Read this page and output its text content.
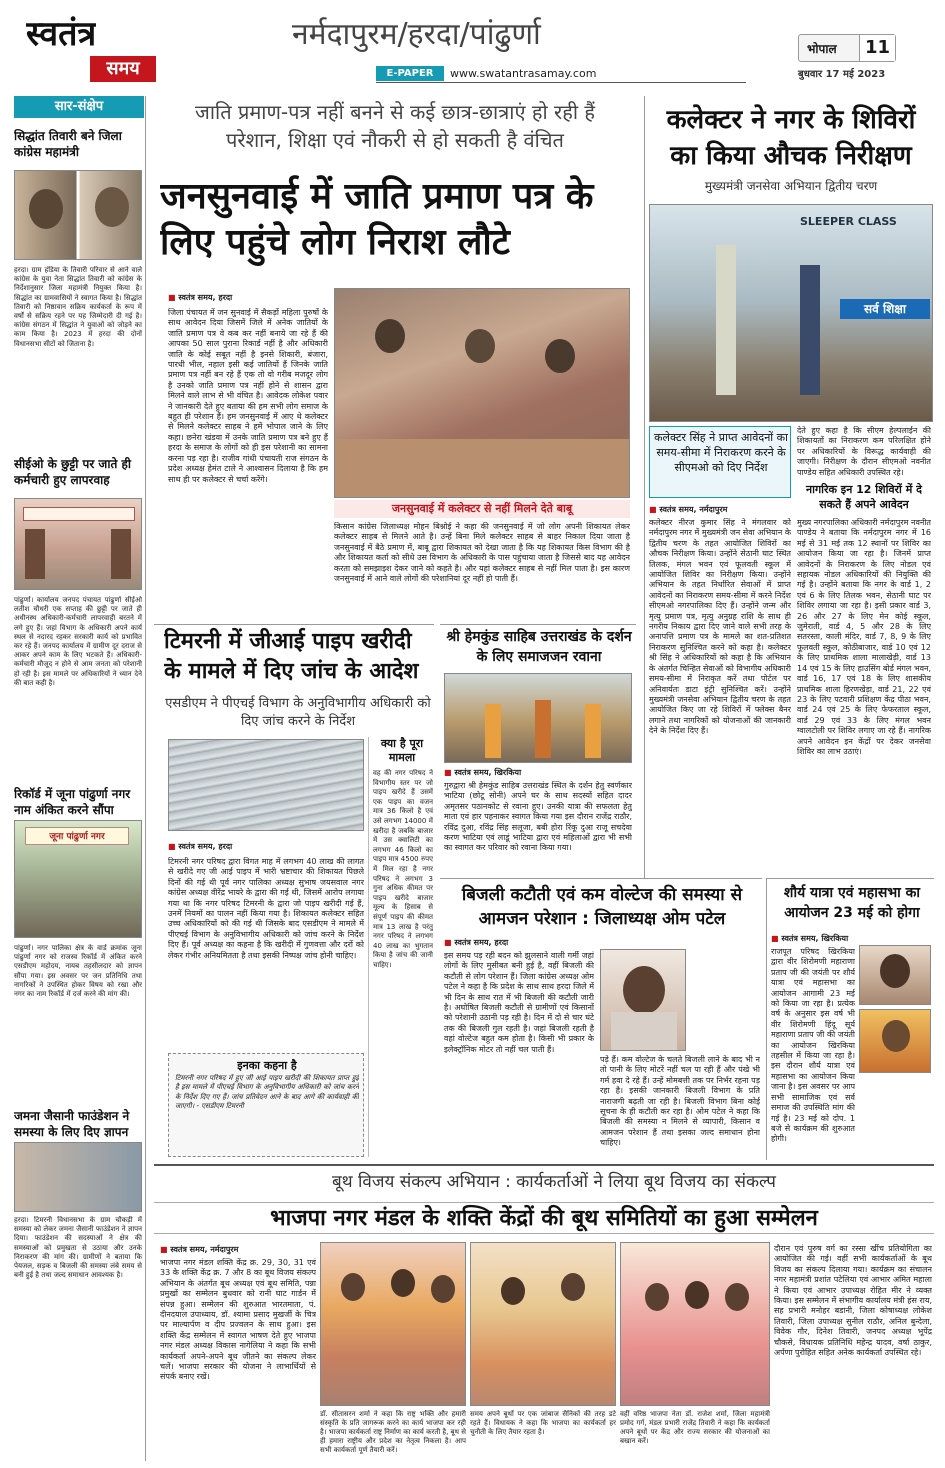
स्वतंत्र
समय
नर्मदापुरम/हरदा/पांढुर्णा
E-PAPER	www.swatantrasamay.com
भोपाल	11
बुधवार 17 मई 2023
सार-संक्षेप
सिद्धांत तिवारी बने जिला कांग्रेस महामंत्री
हरदा। ग्राम हंडिया के तिवारी परिवार से आने वाले कांग्रेस के युवा नेता सिद्धांत तिवारी को कांग्रेस के निर्देशानुसार जिला महामंत्री नियुक्त किया है। सिद्धांत का ग्रामवासियों ने स्वागत किया है। सिद्धांत तिवारी को निष्ठावान सक्रिय कार्यकर्ता के रूप में वर्षों से सक्रिय रहने पर यह जिम्मेदारी दी गई है। कांग्रेस संगठन में सिद्धांत ने युवाओं को जोड़ने का काम किया है। 2023 में हरदा की दोनों विधानसभा सीटों को जिताना है।
सीईओ के छुट्टी पर जाते ही कर्मचारी हुए लापरवाह
पांढुर्णा। कार्यालय जनपद पंचायत पांढुर्णा सीईओ लतीश चौधरी एक सप्ताह की छुट्टी पर जाते ही अधीनस्थ अधिकारी-कर्मचारी लापरवाही बरतने में लगे हुए हैं। जहां विभाग के अधिकारी अपने कार्य स्थल से नदारद रहकर सरकारी कार्य को प्रभावित कर रहे हैं। जनपद कार्यालय में ग्रामीण दूर दराज से आकर अपने काम के लिए भटकते हैं। अधिकारी-कर्मचारी मौजूद न होने से आम जनता को परेशानी हो रही है। इस मामले पर अधिकारियों ने ध्यान देने की बात कही है।
रिकॉर्ड में जूना पांढुर्णा नगर नाम अंकित करने सौंपा
जूना पांढुर्णा नगर
पांढुर्णा। नगर पालिका क्षेत्र के वार्ड क्रमांक जूना पांढुर्णा नगर को राजस्व रिकॉर्ड में अंकित करने एसडीएम महोदय, नायब तहसीलदार को ज्ञापन सौंपा गया। इस अवसर पर जन प्रतिनिधि तथा नागरिकों ने उपस्थित होकर विषय को रखा और नगर का नाम रिकॉर्ड में दर्ज करने की मांग की।
जमना जैसानी फाउंडेशन ने समस्या के लिए दिए ज्ञापन
हरदा। टिमरनी विधानसभा के ग्राम चौकड़ी में समस्या को लेकर जमना जैसानी फाउंडेशन ने ज्ञापन दिया। फाउंडेशन की सदस्याओं ने क्षेत्र की समस्याओं को प्रमुखता से उठाया और उनके निराकरण की मांग की। ग्रामीणों ने बताया कि पेयजल, सड़क व बिजली की समस्या लंबे समय से बनी हुई है तथा जल्द समाधान आवश्यक है।
जाति प्रमाण-पत्र नहीं बनने से कई छात्र-छात्राएं हो रही हैं परेशान, शिक्षा एवं नौकरी से हो सकती है वंचित
जनसुनवाई में जाति प्रमाण पत्र के लिए पहुंचे लोग निराश लौटे
■ स्वतंत्र समय, हरदा
जिला पंचायत में जन सुनवाई में सैकड़ों महिला पुरुषों के साथ आवेदन दिया जिसमें जिले में अनेक जातियों के जाति प्रमाण पत्र वे कब कर नहीं बनाये जा रहे हैं की आपका 50 साल पुराना रिकार्ड नहीं है और अधिकारी जाति के कोई सबूत नहीं है इनसे शिकारी, बंजारा, पारधी भील, नहाल इसी कई जातियों हैं जिनके जाति प्रमाण पत्र नहीं बन रहे हैं एक तो वो गरीब मजदूर लोग है उनको जाति प्रमाण पत्र नहीं होने से शासन द्वारा मिलने वाले लाभ से भी वंचित है। आवेदक लोकेश पवार ने जानकारी देते हुए बताया की हम सभी लोग समाज के बहुत ही परेशान हैं। हम जनसुनवाई में आए थे कलेक्टर से मिलने कलेक्टर साहब ने हमें भोपाल जाने के लिए कहा। छनेरा खंडवा में उनके जाति प्रमाण पत्र बने हुए हैं हरदा के समाज के लोगों को ही इस परेशानी का सामना करना पड़ रहा है। राजीव गांधी पंचायती राज संगठन के प्रदेश अध्यक्ष हेमंत टाले ने आश्वासन दिलाया है कि हम साथ ही पर कलेक्टर से चर्चा करेंगे।
जनसुनवाई में कलेक्टर से नहीं मिलने देते बाबू
किसान कांग्रेस जिलाध्यक्ष मोहन बिश्नोई ने कहा की जनसुनवाई में जो लोग अपनी शिकायत लेकर कलेक्टर साहब से मिलने आते है। उन्हें बिना मिले कलेक्टर साहब से बाहर निकाल दिया जाता है जनसुनवाई में बैठे प्रमाण में, बाबू द्वारा शिकायत को देखा जाता है कि यह शिकायत किस विभाग की है और शिकायत कर्ता को सीधे उस विभाग के अधिकारी के पास पहुंचाया जाता है जिससे बाद यह आवेदन करता को समझाइश देकर जाने को कहते है। और यहां कलेक्टर साहब से नहीं मिल पाता है। इस कारण जनसुनवाई में आने वाले लोगों की परेशानियां दूर नहीं हो पाती हैं।
कलेक्टर ने नगर के शिविरों का किया औचक निरीक्षण
मुख्यमंत्री जनसेवा अभियान द्वितीय चरण
SLEEPER CLASS
सर्व शिक्षा
कलेक्टर सिंह ने प्राप्त आवेदनों का समय-सीमा में निराकरण करने के सीएमओ को दिए निर्देश
देते हुए कहा है कि सीएम हेल्पलाईन की शिकायतों का निराकरण कम परिलक्षित होने पर अधिकारियों के विरूद्ध कार्यवाही की जाएगी। निरीक्षण के दौरान सीएमओ नवनीत पाण्डेय सहित अधिकारी उपस्थित रहे।
नागरिक इन 12 शिविरों में दे सकते हैं अपने आवेदन
■ स्वतंत्र समय, नर्मदापुरम
कलेक्टर नीरज कुमार सिंह ने मंगलवार को नर्मदापुरम नगर में मुख्यमंत्री जन सेवा अभियान के द्वितीय चरण के तहत आयोजित शिविरों का औचक निरीक्षण किया। उन्होंने सेठानी घाट स्थित तिलक, मंगल भवन एवं फूलवती स्कूल में आयोजित शिविर का निरीक्षण किया। उन्होंने अभियान के तहत निर्धारित सेवाओं में प्राप्त आवेदनों का निराकरण समय-सीमा में करने निर्देश सीएमओ नगरपालिका दिए हैं। उन्होंने जन्म और मृत्यु प्रमाण पत्र, मृत्यु अनुग्रह राशि के साथ ही नगरीय निकाय द्वारा दिए जाने वाले सभी तरह के अनापत्ति प्रमाण पत्र के मामले का शत-प्रतिशत निराकरण सुनिश्चित करने को कहा है। कलेक्टर श्री सिंह ने अधिकारियों को कहा है कि अभियान के अंतर्गत चिन्हित सेवाओं को विभागीय अधिकारी समय-सीमा में निराकृत करें तथा पोर्टल पर अनिवार्यतः डाटा इंट्री सुनिश्चित करें। उन्होंने मुख्यमंत्री जनसेवा अभियान द्वितीय चरण के तहत आयोजित किए जा रहे शिविरों में फ्लेक्स बैनर लगाने तथा नागरिकों को योजनाओं की जानकारी देने के निर्देश दिए हैं।
मुख्य नगरपालिका अधिकारी नर्मदापुरम नवनीत पाण्डेय ने बताया कि नर्मदापुरम नगर में 16 मई से 31 मई तक 12 स्थानों पर शिविर का आयोजन किया जा रहा है। जिनमें प्राप्त आवेदनों के निराकरण के लिए नोडल एवं सहायक नोडल अधिकारियों की नियुक्ति की गई है। उन्होंने बताया कि नगर के वार्ड 1, 2 एवं 6 के लिए तिलक भवन, सेठानी घाट पर शिविर लगाया जा रहा है। इसी प्रकार वार्ड 3, 26 और 27 के लिए मेन कोई स्कूल, जुमेराती, वार्ड 4, 5 और 28 के लिए सतरस्ता, काली मंदिर, वार्ड 7, 8, 9 के लिए फूलवती स्कूल, कोठीबाजार, वार्ड 10 एवं 12 के लिए प्राथमिक शाला मालाखेड़ी, वार्ड 13 14 एवं 15 के लिए हाउसिंग बोर्ड मंगल भवन, वार्ड 16, 17 एवं 18 के लिए शासकीय प्राथमिक शाला हिरणखेड़ा, वार्ड 21, 22 एवं 23 के लिए पटवारी प्रशिक्षण केंद्र पीठा भवन, वार्ड 24 एवं 25 के लिए फेफरताल स्कूल, वार्ड 29 एवं 33 के लिए मंगल भवन ग्वालटोली पर शिविर लगाए जा रहे हैं। नागरिक अपने आवेदन इन केंद्रों पर देकर जनसेवा शिविर का लाभ उठाएं।
टिमरनी में जीआई पाइप खरीदी के मामले में दिए जांच के आदेश
एसडीएम ने पीएचई विभाग के अनुविभागीय अधिकारी को दिए जांच करने के निर्देश
■ स्वतंत्र समय, हरदा
टिमरनी नगर परिषद द्वारा विगत माह में लगभग 40 लाख की लागत से खरीदे गए जी आई पाइप में भारी भ्रष्टाचार की शिकायत पिछले दिनों की गई थी पूर्व नगर पालिका अध्यक्ष सुभाष जयसवाल नगर कांग्रेस अध्यक्ष वीरेंद्र भायरे के द्वारा की गई थी, जिसमें आरोप लगाया गया था कि नगर परिषद टिमरनी के द्वारा जो पाइप खरीदी गई हैं, उनमें नियमों का पालन नहीं किया गया है। शिकायत कलेक्टर सहित उच्च अधिकारियों को की गई थी जिसके बाद एसडीएम ने मामले में पीएचई विभाग के अनुविभागीय अधिकारी को जांच करने के निर्देश दिए हैं। पूर्व अध्यक्ष का कहना है कि खरीदी में गुणवत्ता और दरों को लेकर गंभीर अनियमितता है तथा इसकी निष्पक्ष जांच होनी चाहिए।
इनका कहना है
टिमरनी नगर परिषद में हुए जी आई पाइप खरीदी की शिकायत प्राप्त हुई है इस मामले में पीएचई विभाग के अनुविभागीय अधिकारी को जांच करने के निर्देश दिए गए हैं। जांच प्रतिवेदन आने के बाद आगे की कार्यवाही की जाएगी। - एसडीएम टिमरनी
क्या है पूरा मामला
वह की नगर परिषद ने विभागीय स्तर पर जो पाइप खरीदे हैं उसमें एक पाइप का वजन मात्र 36 किलो है एवं उसे लगभग 14000 में खरीदा है जबकि बाजार में उस क्वालिटी का लगभग 46 किलो का पाइप मात्र 4500 रुपए में मिल रहा है नगर परिषद ने लगभग 3 गुना अधिक कीमत पर पाइप खरीदे बाजार मूल्य के हिसाब से संपूर्ण पाइप की कीमत मात्र 13 लाख है परंतु नगर परिषद ने लगभग 40 लाख का भुगतान किया है जांच की जानी चाहिए।
श्री हेमकुंड साहिब उत्तराखंड के दर्शन के लिए समाजजन रवाना
■ स्वतंत्र समय, खिरकिया
गुरुद्वारा श्री हेमकुंड साहिब उत्तराखंड स्थित के दर्शन हेतु स्वर्णकार भाटिया (छोटू सोनी) अपने घर के साथ सदस्यों सहित दादर अमृतसर पठानकोट से रवाना हुए। उनकी यात्रा की सफलता हेतु माता एवं हार पहनाकर स्वागत किया गया इस दौरान राजेंद्र राठौर, रविंद्र दुआ, रविंद्र सिंह सलूजा, बबी होरा रिंकू दुआ राजू सचदेवा करण भाटिया एवं लाडूं भाटिया द्वारा एवं महिलाओं द्वारा भी सभी का स्वागत कर परिवार को रवाना किया गया।
बिजली कटौती एवं कम वोल्टेज की समस्या से आमजन परेशान : जिलाध्यक्ष ओम पटेल
■ स्वतंत्र समय, हरदा
इस समय पड़ रही बदन को झुलसाने वाली गर्मी जहां लोगों के लिए मुसीबत बनी हुई है, वहीं बिजली की कटौती से लोग परेशान हैं। जिला कांग्रेस अध्यक्ष ओम पटेल ने कहा है कि प्रदेश के साथ साथ हरदा जिले में भी दिन के साथ रात में भी बिजली की कटौती जारी है। अघोषित बिजली कटौती से ग्रामीणों एवं किसानों को परेशानी उठानी पड़ रही है। दिन में दो से चार घंटे तक की बिजली गुल रहती है। जहां बिजली रहती है वहां वोल्टेज बहुत कम होता है। किसी भी प्रकार के इलेक्ट्रॉनिक मोटर तो नहीं चल पाती हैं।
पड़े हैं। कम वोल्टेज के चलते बिजली लाने के बाद भी न तो पानी के लिए मोटरें नहीं चल पा रही हैं और पंखे भी गर्म हवा दे रहे हैं। उन्हें मोमबत्ती तक पर निर्भर रहना पड़ रहा है। इसकी जानकारी बिजली विभाग के प्रति नाराजगी बढ़ती जा रही है। बिजली विभाग बिना कोई सूचना के ही कटौती कर रहा है। ओम पटेल ने कहा कि बिजली की समस्या न मिलने से व्यापारी, किसान व आमजन परेशान हैं तथा इसका जल्द समाधान होना चाहिए।
शौर्य यात्रा एवं महासभा का आयोजन 23 मई को होगा
■ स्वतंत्र समय, खिरकिया
राजपूत परिषद खिरकिया द्वारा वीर शिरोमणी महाराणा प्रताप जी की जयंती पर शौर्य यात्रा एवं महासभा का आयोजन आगामी 23 मई को किया जा रहा है। प्रत्येक वर्ष के अनुसार इस वर्ष भी वीर शिरोमणी हिंदू सूर्य महाराणा प्रताप जी की जयंती का आयोजन खिरकिया तहसील में किया जा रहा है। इस दौरान शौर्य यात्रा एवं महासभा का आयोजन किया जाना है। इस अवसर पर आप सभी सामाजिक एवं सर्व समाज की उपस्थिति मांग की गई है। 23 मई को दोप. 1 बजे से कार्यक्रम की शुरुआत होगी।
बूथ विजय संकल्प अभियान : कार्यकर्ताओं ने लिया बूथ विजय का संकल्प
भाजपा नगर मंडल के शक्ति केंद्रों की बूथ समितियों का हुआ सम्मेलन
■ स्वतंत्र समय, नर्मदापुरम
भाजपा नगर मंडल शक्ति केंद्र क्र. 29, 30, 31 एवं 33 के शक्ति केंद्र क्र. 7 और 8 का बूथ विजय संकल्प अभियान के अंतर्गत बूथ अध्यक्ष एवं बूथ समिति, पन्ना प्रमुखों का सम्मेलन बुधवार को रानी घाट गार्डन में संपन्न हुआ। सम्मेलन की शुरुआत भारतमाता, पं. दीनदयाल उपाध्याय, डॉ. श्यामा प्रसाद मुखर्जी के चित्र पर माल्यार्पण व दीप प्रज्वलन के साथ हुआ। इस शक्ति केंद्र सम्मेलन में स्वागत भाषण देते हुए भाजपा नगर मंडल अध्यक्ष विकास नागेलिया ने कहा कि सभी कार्यकर्ता अपने-अपने बूथ जीतने का संकल्प लेकर चलें। भाजपा सरकार की योजना ने लाभार्थियों से संपर्क बनाए रखें।
डॉ. सीतासरन शर्मा ने कहा कि राष्ट्र भक्ति और हमारी संस्कृति के प्रति जागरूक करने का कार्य भाजपा कर रही है। भाजपा कार्यकर्ता राष्ट्र निर्माण का कार्य करती है, बूथ से ही हमारा राष्ट्रीय और प्रदेश का नेतृत्व निकला है। आप सभी कार्यकर्ता पूर्ण तैयारी करें।
समय अपने बूथों पर एक जांबाज सैनिकों की तरह डटे रहते हैं। विधायक ने कहा कि भाजपा का कार्यकर्ता हर चुनौती के लिए तैयार रहता है।
वहीं वरिष्ठ भाजपा नेता डॉ. राजेश शर्मा, जिला महामंत्री प्रमोद गर्ग, मंडल प्रभारी राजेंद्र तिवारी ने कहा कि कार्यकर्ता अपने बूथों पर केंद्र और राज्य सरकार की योजनाओं का बखान करें।
दौरान एवं पुरुष वर्ग का रस्सा खींच प्रतियोगिता का आयोजित की गई। वहीं सभी कार्यकर्ताओं के बूथ विजय का संकल्प दिलाया गया। कार्यक्रम का संचालन नगर महामंत्री प्रशांत पटेलिया एवं आभार अमित महाला ने किया एवं आभार उपाध्यक्ष रोहित मीर ने व्यक्त किया। इस सम्मेलन में संभागीय कार्यालय मंत्री हंस राय, सह प्रभारी मनोहर बडानी, जिला कोषाध्यक्ष लोकेश तिवारी, जिला उपाध्यक्ष सुनील राठौर, अनिल बुन्देला, विवेक गौर, दिनेश तिवारी, जनपद अध्यक्ष भूपेंद्र चौकसे, विधायक प्रतिनिधि महेन्द्र यादव, वर्षा ठाकुर, अर्पणा पुरोहित सहित अनेक कार्यकर्ता उपस्थित रहे।
